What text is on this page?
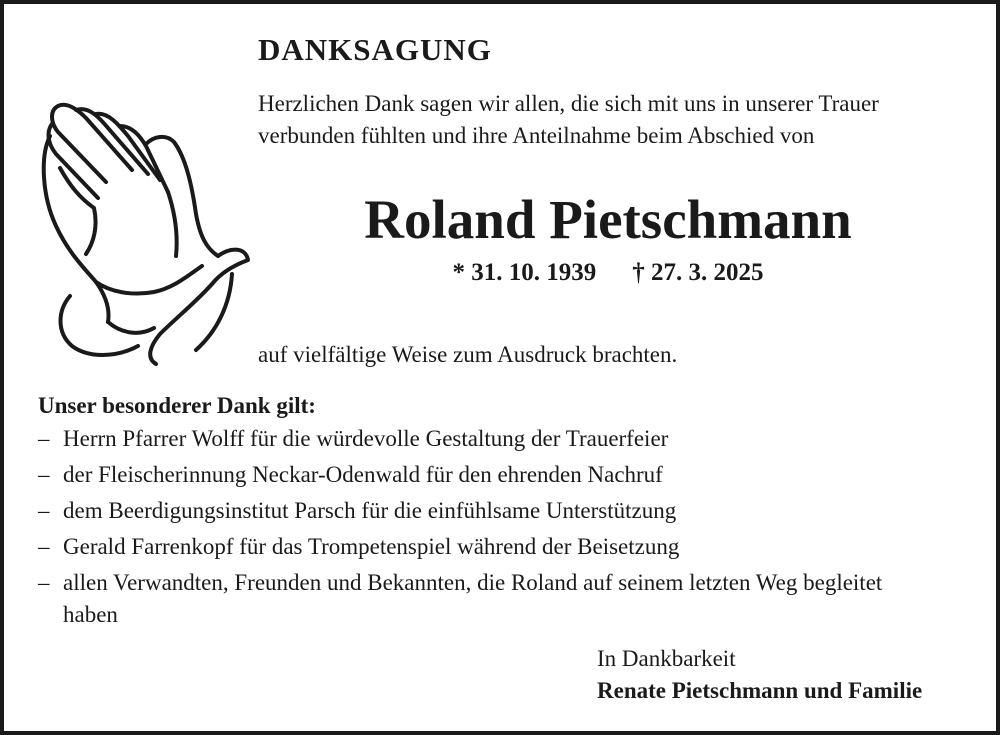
DANKSAGUNG

Herzlichen Dank sagen wir allen, die sich mit uns in unserer Trauer
verbunden fühlten und ihre Anteilnahme beim Abschied von

Roland Pietschmann
* 31. 10. 1939 † 27. 3. 2025
auf vielfältige Weise zum Ausdruck brachten.
Unser besonderer Dank gilt:
– Herrn Pfarrer Wolff für die würdevolle Gestaltung der Trauerfeier
– der Fleischerinnung Neckar-Odenwald für den ehrenden Nachruf
– dem Beerdigungsinstitut Parsch für die einfühlsame Unterstützung
– Gerald Farrenkopf für das Trompetenspiel während der Beisetzung
– allen Verwandten, Freunden und Bekannten, die Roland auf seinem letzten Weg begleitet haben
In Dankbarkeit
Renate Pietschmann und Familie
